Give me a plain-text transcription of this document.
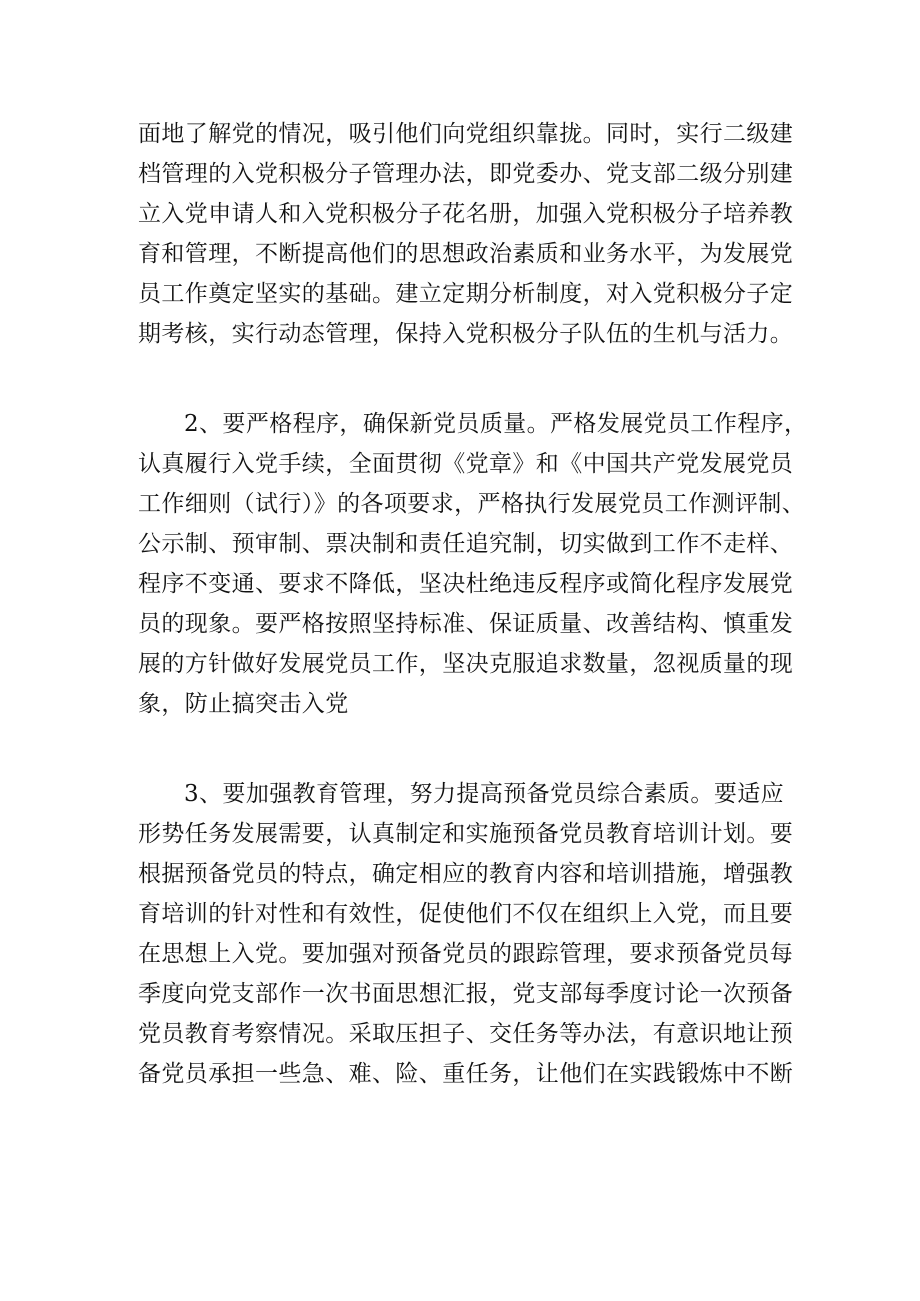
面地了解党的情况，吸引他们向党组织靠拢。同时，实行二级建
档管理的入党积极分子管理办法，即党委办、党支部二级分别建
立入党申请人和入党积极分子花名册，加强入党积极分子培养教
育和管理，不断提高他们的思想政治素质和业务水平，为发展党
员工作奠定坚实的基础。建立定期分析制度，对入党积极分子定
期考核，实行动态管理，保持入党积极分子队伍的生机与活力。
2、要严格程序，确保新党员质量。严格发展党员工作程序，
认真履行入党手续，全面贯彻《党章》和《中国共产党发展党员
工作细则（试行）》的各项要求，严格执行发展党员工作测评制、
公示制、预审制、票决制和责任追究制，切实做到工作不走样、
程序不变通、要求不降低，坚决杜绝违反程序或简化程序发展党
员的现象。要严格按照坚持标准、保证质量、改善结构、慎重发
展的方针做好发展党员工作，坚决克服追求数量，忽视质量的现
象，防止搞突击入党
3、要加强教育管理，努力提高预备党员综合素质。要适应
形势任务发展需要，认真制定和实施预备党员教育培训计划。要
根据预备党员的特点，确定相应的教育内容和培训措施，增强教
育培训的针对性和有效性，促使他们不仅在组织上入党，而且要
在思想上入党。要加强对预备党员的跟踪管理，要求预备党员每
季度向党支部作一次书面思想汇报，党支部每季度讨论一次预备
党员教育考察情况。采取压担子、交任务等办法，有意识地让预
备党员承担一些急、难、险、重任务，让他们在实践锻炼中不断
